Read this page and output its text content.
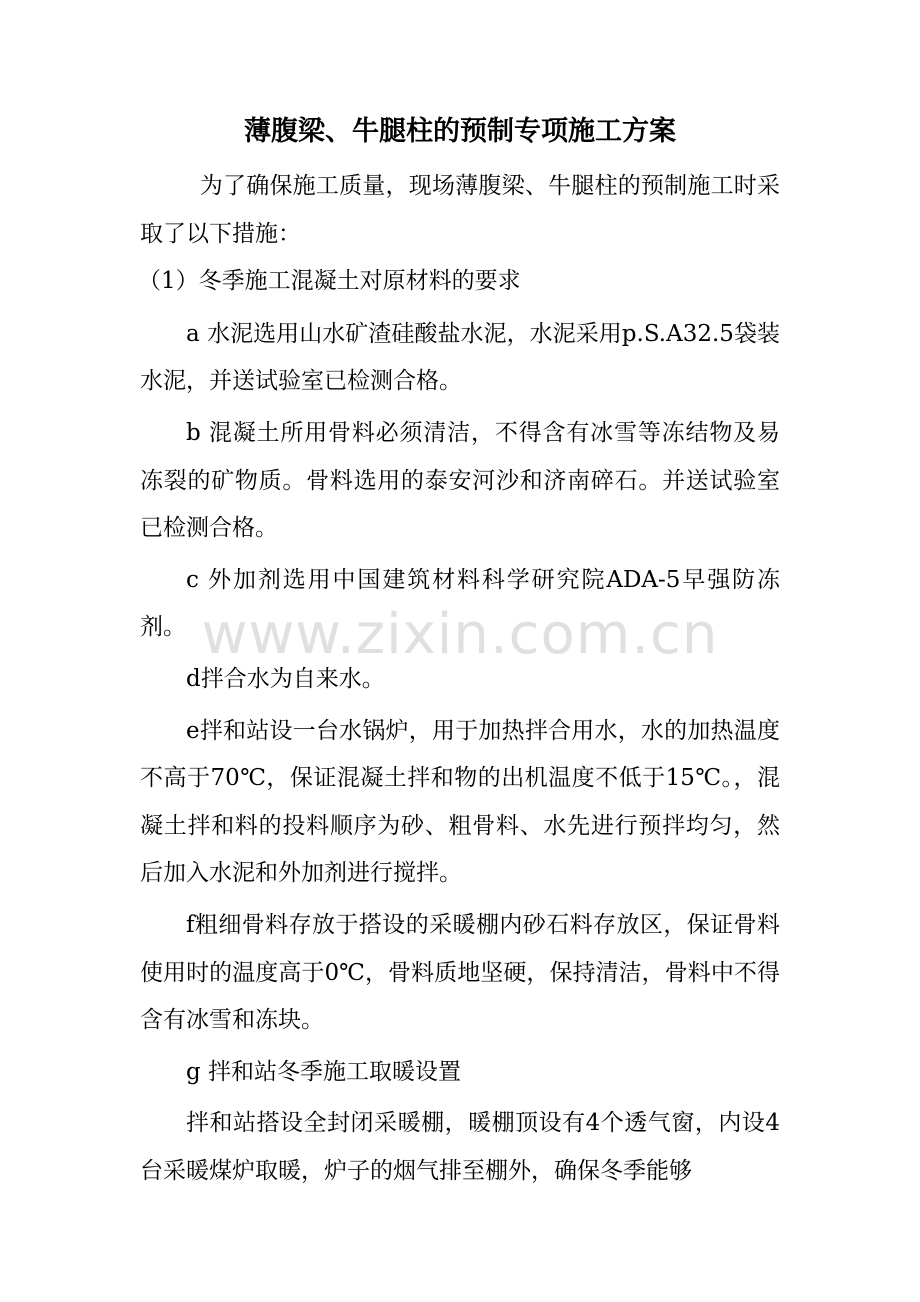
薄腹梁、牛腿柱的预制专项施工方案

为了确保施工质量，现场薄腹梁、牛腿柱的预制施工时采取了以下措施：

（1）冬季施工混凝土对原材料的要求

a 水泥选用山水矿渣硅酸盐水泥，水泥采用p.S.A32.5袋装水泥，并送试验室已检测合格。

b 混凝土所用骨料必须清洁，不得含有冰雪等冻结物及易冻裂的矿物质。骨料选用的泰安河沙和济南碎石。并送试验室已检测合格。

c 外加剂选用中国建筑材料科学研究院ADA-5早强防冻剂。

d拌合水为自来水。

e拌和站设一台水锅炉，用于加热拌合用水，水的加热温度不高于70℃，保证混凝土拌和物的出机温度不低于15℃。，混凝土拌和料的投料顺序为砂、粗骨料、水先进行预拌均匀，然后加入水泥和外加剂进行搅拌。

f粗细骨料存放于搭设的采暖棚内砂石料存放区，保证骨料使用时的温度高于0℃，骨料质地坚硬，保持清洁，骨料中不得含有冰雪和冻块。

g 拌和站冬季施工取暖设置

拌和站搭设全封闭采暖棚，暖棚顶设有4个透气窗，内设4台采暖煤炉取暖，炉子的烟气排至棚外，确保冬季能够

www.zixin.com.cn
